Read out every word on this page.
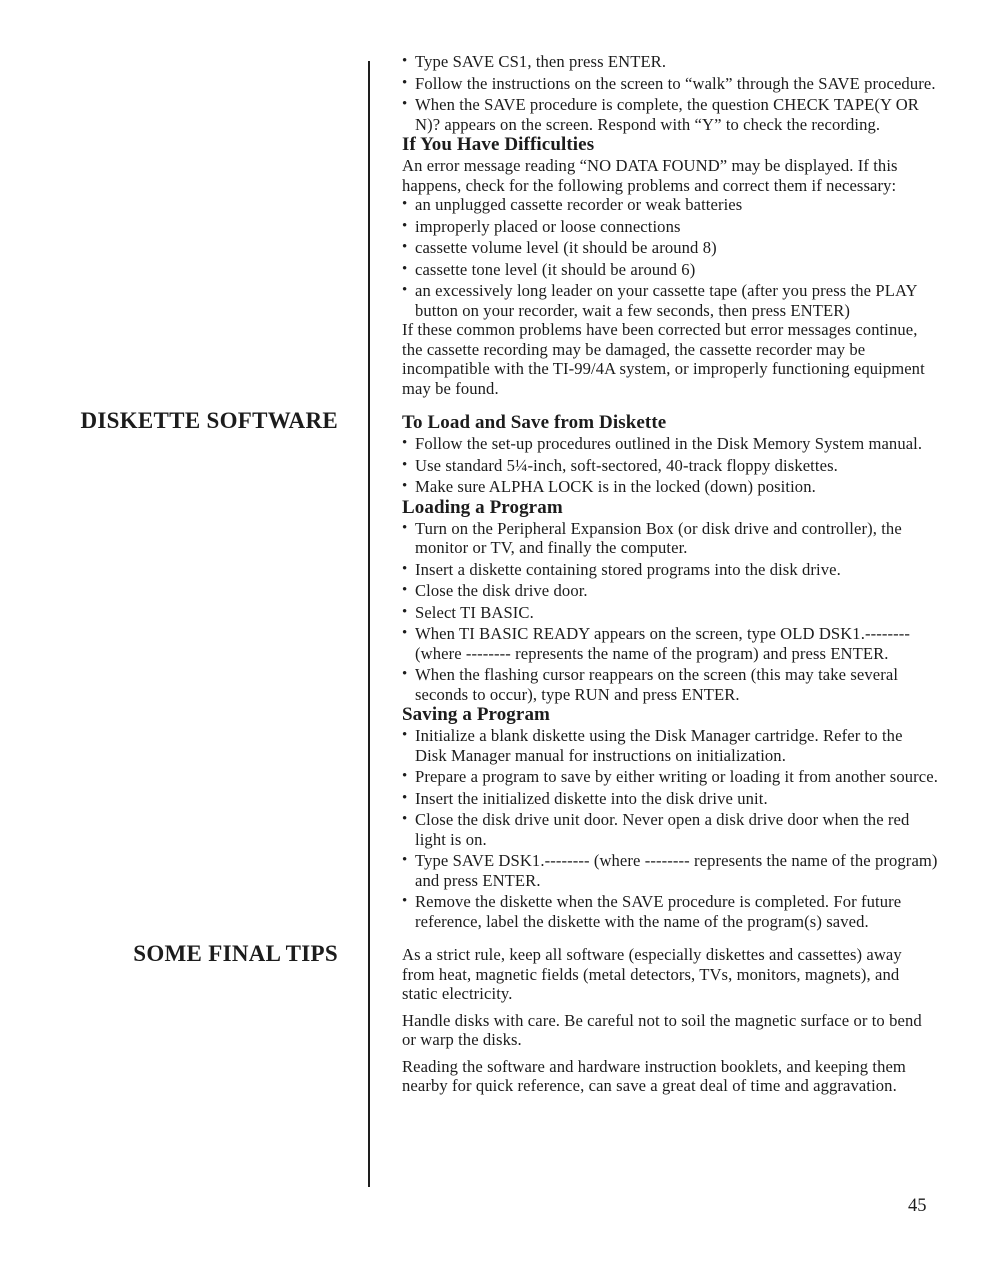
• Type SAVE CS1, then press ENTER.
• Follow the instructions on the screen to “walk” through the SAVE procedure.
• When the SAVE procedure is complete, the question CHECK TAPE(Y OR N)? appears on the screen. Respond with “Y” to check the recording.
If You Have Difficulties

An error message reading “NO DATA FOUND” may be displayed. If this happens, check for the following problems and correct them if necessary:

• an unplugged cassette recorder or weak batteries
• improperly placed or loose connections
• cassette volume level (it should be around 8)
• cassette tone level (it should be around 6)
• an excessively long leader on your cassette tape (after you press the PLAY button on your recorder, wait a few seconds, then press ENTER)

If these common problems have been corrected but error messages continue, the cassette recording may be damaged, the cassette recorder may be incompatible with the TI-99/4A system, or improperly functioning equipment may be found.

DISKETTE SOFTWARE	To Load and Save from Diskette
• Follow the set-up procedures outlined in the Disk Memory System manual.
• Use standard 5¼-inch, soft-sectored, 40-track floppy diskettes.
• Make sure ALPHA LOCK is in the locked (down) position.
Loading a Program
• Turn on the Peripheral Expansion Box (or disk drive and controller), the monitor or TV, and finally the computer.
• Insert a diskette containing stored programs into the disk drive.
• Close the disk drive door.
• Select TI BASIC.
• When TI BASIC READY appears on the screen, type OLD DSK1.-------- (where -------- represents the name of the program) and press ENTER.
• When the flashing cursor reappears on the screen (this may take several seconds to occur), type RUN and press ENTER.
Saving a Program
• Initialize a blank diskette using the Disk Manager cartridge. Refer to the Disk Manager manual for instructions on initialization.
• Prepare a program to save by either writing or loading it from another source.
• Insert the initialized diskette into the disk drive unit.
• Close the disk drive unit door. Never open a disk drive door when the red light is on.
• Type SAVE DSK1.-------- (where -------- represents the name of the program) and press ENTER.
• Remove the diskette when the SAVE procedure is completed. For future reference, label the diskette with the name of the program(s) saved.
SOME FINAL TIPS	As a strict rule, keep all software (especially diskettes and cassettes) away from heat, magnetic fields (metal detectors, TVs, monitors, magnets), and static electricity.

Handle disks with care. Be careful not to soil the magnetic surface or to bend or warp the disks.

Reading the software and hardware instruction booklets, and keeping them nearby for quick reference, can save a great deal of time and aggravation.

45
